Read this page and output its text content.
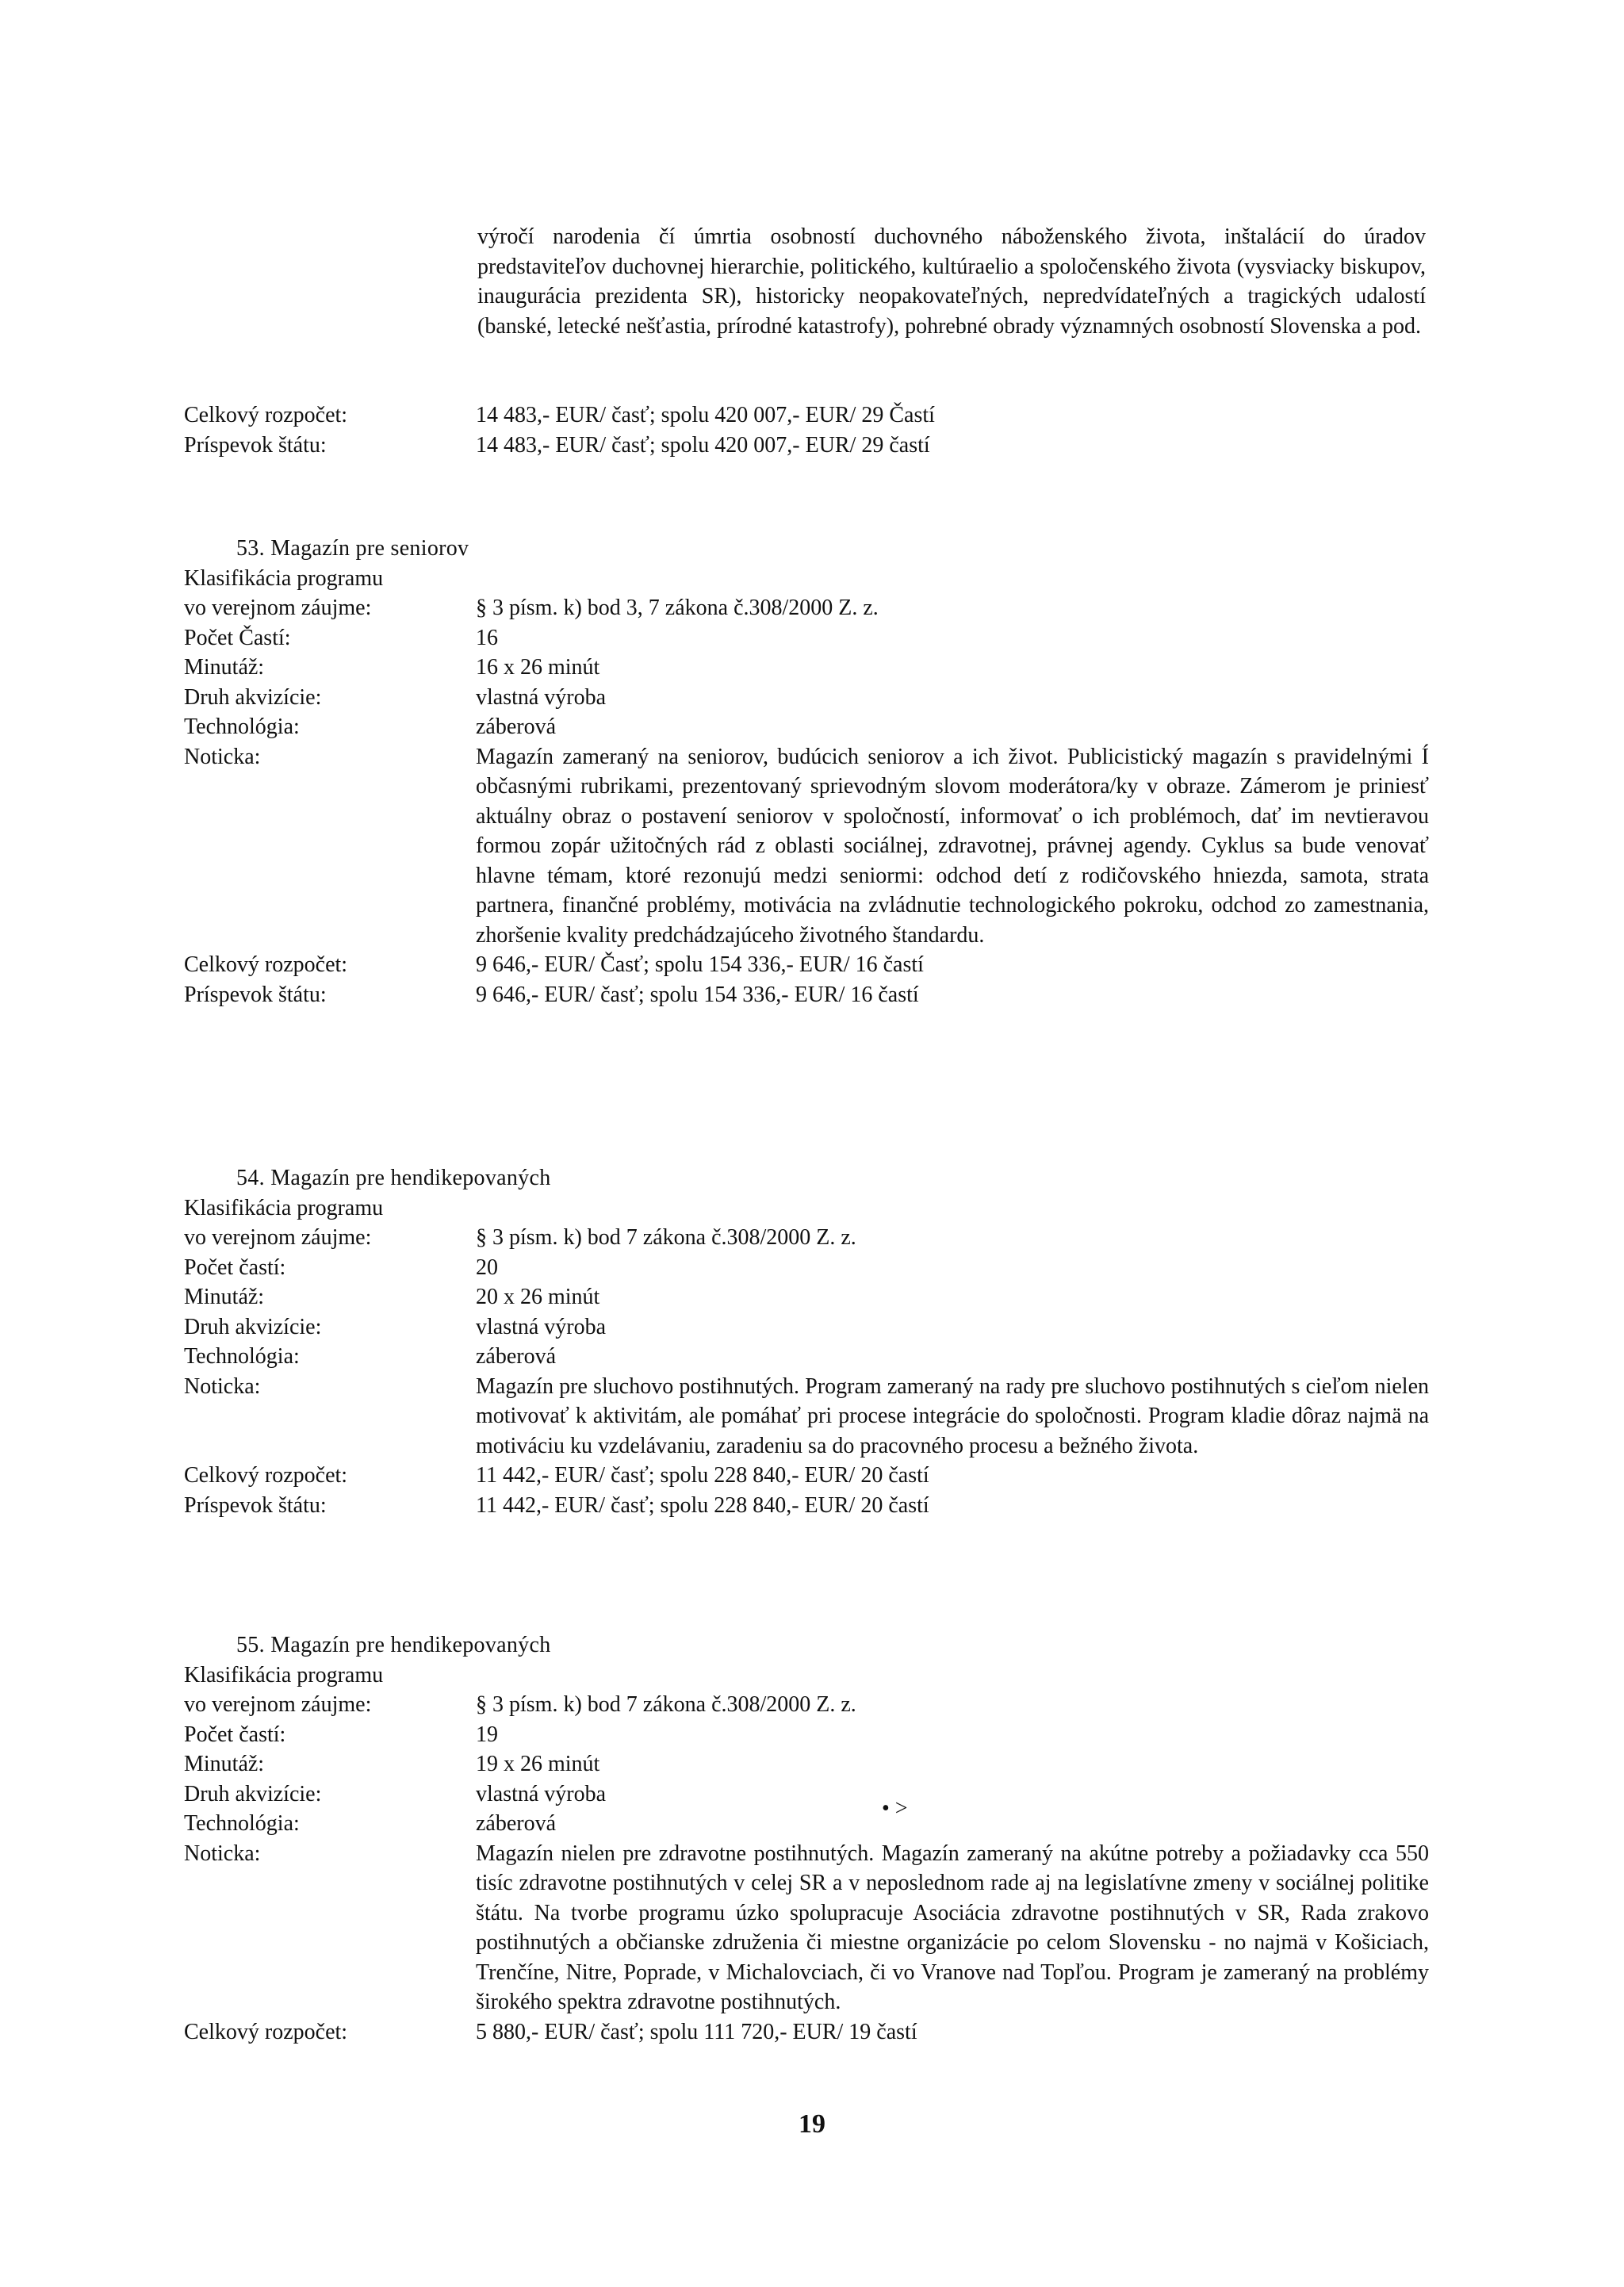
výročí narodenia čí úmrtia osobností duchovného náboženského života, inštalácií do úradov predstaviteľov duchovnej hierarchie, politického, kultúraelio a spoločenského života (vysviacky biskupov, inaugurácia prezidenta SR), historicky neopakovateľných, nepredvídateľných a tragických udalostí (banské, letecké nešťastia, prírodné katastrofy), pohrebné obrady významných osobností Slovenska a pod.
Celkový rozpočet:	14 483,- EUR/ časť; spolu 420 007,- EUR/ 29 Častí
Príspevok štátu:	14 483,- EUR/ časť; spolu 420 007,- EUR/ 29 častí
53. Magazín pre seniorov
Klasifikácia programu
vo verejnom záujme:	§ 3 písm. k) bod 3, 7 zákona č.308/2000 Z. z.
Počet Častí:	16
Minutáž:	16 x 26 minút
Druh akvizície:	vlastná výroba
Technológia:	záberová
Noticka:	Magazín zameraný na seniorov, budúcich seniorov a ich život. Publicistický magazín s pravidelnými Í občasnými rubrikami, prezentovaný sprievodným slovom moderátora/ky v obraze. Zámerom je priniesť aktuálny obraz o postavení seniorov v spoločností, informovať o ich problémoch, dať im nevtieravou formou zopár užitočných rád z oblasti sociálnej, zdravotnej, právnej agendy. Cyklus sa bude venovať hlavne témam, ktoré rezonujú medzi seniormi: odchod detí z rodičovského hniezda, samota, strata partnera, finančné problémy, motivácia na zvládnutie technologického pokroku, odchod zo zamestnania, zhoršenie kvality predchádzajúceho životného štandardu.
Celkový rozpočet:	9 646,- EUR/ Časť; spolu 154 336,- EUR/ 16 častí
Príspevok štátu:	9 646,- EUR/ časť; spolu 154 336,- EUR/ 16 častí
54. Magazín pre hendikepovaných
Klasifikácia programu
vo verejnom záujme:	§ 3 písm. k) bod 7 zákona č.308/2000 Z. z.
Počet častí:	20
Minutáž:	20 x 26 minút
Druh akvizície:	vlastná výroba
Technológia:	záberová
Noticka:	Magazín pre sluchovo postihnutých. Program zameraný na rady pre sluchovo postihnutých s cieľom nielen motivovať k aktivitám, ale pomáhať pri procese integrácie do spoločnosti. Program kladie dôraz najmä na motiváciu ku vzdelávaniu, zaradeniu sa do pracovného procesu a bežného života.
Celkový rozpočet:	11 442,- EUR/ časť; spolu 228 840,- EUR/ 20 častí
Príspevok štátu:	11 442,- EUR/ časť; spolu 228 840,- EUR/ 20 častí
55. Magazín pre hendikepovaných
Klasifikácia programu
vo verejnom záujme:	§ 3 písm. k) bod 7 zákona č.308/2000 Z. z.
Počet častí:	19
Minutáž:	19 x 26 minút
Druh akvizície:	vlastná výroba
Technológia:	záberová
Noticka:	Magazín nielen pre zdravotne postihnutých. Magazín zameraný na akútne potreby a požiadavky cca 550 tisíc zdravotne postihnutých v celej SR a v neposlednom rade aj na legislatívne zmeny v sociálnej politike štátu. Na tvorbe programu úzko spolupracuje Asociácia zdravotne postihnutých v SR, Rada zrakovo postihnutých a občianske združenia či miestne organizácie po celom Slovensku - no najmä v Košiciach, Trenčíne, Nitre, Poprade, v Michalovciach, či vo Vranove nad Topľou. Program je zameraný na problémy širokého spektra zdravotne postihnutých.
Celkový rozpočet:	5 880,- EUR/ časť; spolu 111 720,- EUR/ 19 častí
• >
19
